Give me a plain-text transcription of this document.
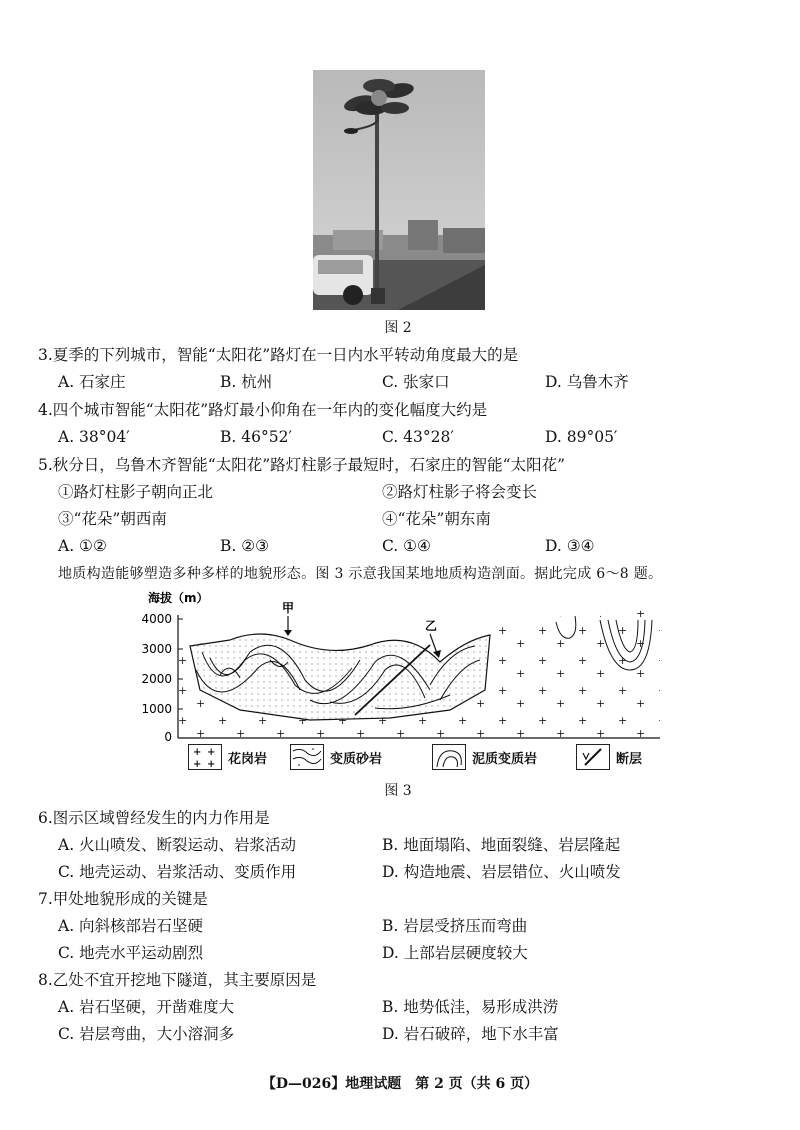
图 2
3.夏季的下列城市，智能“太阳花”路灯在一日内水平转动角度最大的是
A. 石家庄	B. 杭州	C. 张家口	D. 乌鲁木齐
4.四个城市智能“太阳花”路灯最小仰角在一年内的变化幅度大约是
A. 38°04′	B. 46°52′	C. 43°28′	D. 89°05′
5.秋分日，乌鲁木齐智能“太阳花”路灯柱影子最短时，石家庄的智能“太阳花”
①路灯柱影子朝向正北	②路灯柱影子将会变长
③“花朵”朝西南	④“花朵”朝东南
A. ①②	B. ②③	C. ①④	D. ③④
地质构造能够塑造多种多样的地貌形态。图 3 示意我国某地地质构造剖面。据此完成 6～8 题。
海拔（m）
4000
3000
2000
1000
0
甲
乙
+ +
+ + 花岗岩	变质砂岩	泥质变质岩	断层
图 3
6.图示区域曾经发生的内力作用是
A. 火山喷发、断裂运动、岩浆活动	B. 地面塌陷、地面裂缝、岩层隆起
C. 地壳运动、岩浆活动、变质作用	D. 构造地震、岩层错位、火山喷发
7.甲处地貌形成的关键是
A. 向斜核部岩石坚硬	B. 岩层受挤压而弯曲
C. 地壳水平运动剧烈	D. 上部岩层硬度较大
8.乙处不宜开挖地下隧道，其主要原因是
A. 岩石坚硬，开凿难度大	B. 地势低洼，易形成洪涝
C. 岩层弯曲，大小溶洞多	D. 岩石破碎，地下水丰富
【D—026】地理试题　第 2 页（共 6 页）
